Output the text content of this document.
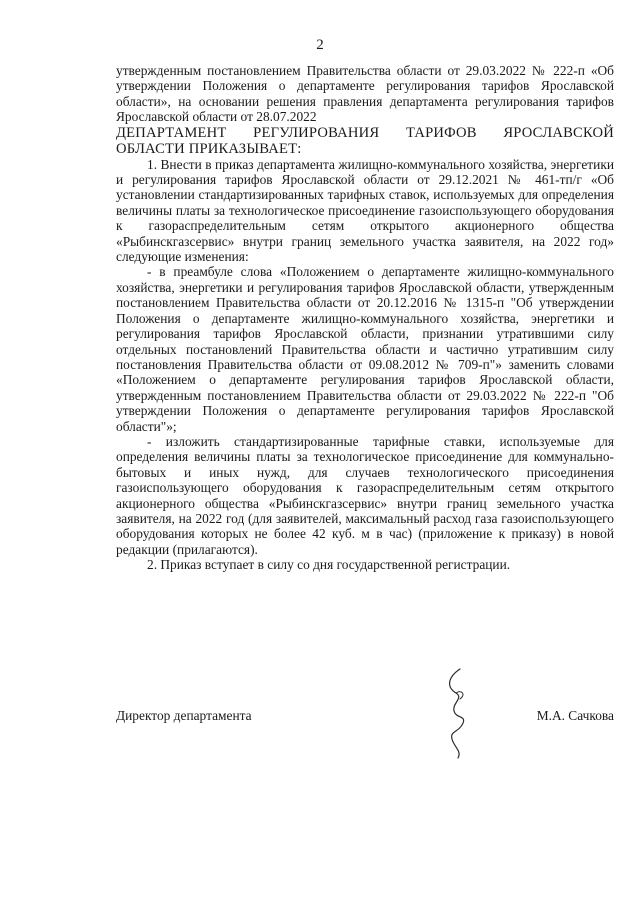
2

утвержденным постановлением Правительства области от 29.03.2022 № 222-п «Об утверждении Положения о департаменте регулирования тарифов Ярославской области», на основании решения правления департамента регулирования тарифов Ярославской области от 28.07.2022

ДЕПАРТАМЕНТ РЕГУЛИРОВАНИЯ ТАРИФОВ ЯРОСЛАВСКОЙ ОБЛАСТИ ПРИКАЗЫВАЕТ:

1. Внести в приказ департамента жилищно-коммунального хозяйства, энергетики и регулирования тарифов Ярославской области от 29.12.2021 № 461-тп/г «Об установлении стандартизированных тарифных ставок, используемых для определения величины платы за технологическое присоединение газоиспользующего оборудования к газораспределительным сетям открытого акционерного общества «Рыбинскгазсервис» внутри границ земельного участка заявителя, на 2022 год» следующие изменения:

- в преамбуле слова «Положением о департаменте жилищно-коммунального хозяйства, энергетики и регулирования тарифов Ярославской области, утвержденным постановлением Правительства области от 20.12.2016 № 1315-п "Об утверждении Положения о департаменте жилищно-коммунального хозяйства, энергетики и регулирования тарифов Ярославской области, признании утратившими силу отдельных постановлений Правительства области и частично утратившим силу постановления Правительства области от 09.08.2012 № 709-п"» заменить словами «Положением о департаменте регулирования тарифов Ярославской области, утвержденным постановлением Правительства области от 29.03.2022 № 222-п "Об утверждении Положения о департаменте регулирования тарифов Ярославской области"»;

- изложить стандартизированные тарифные ставки, используемые для определения величины платы за технологическое присоединение для коммунально-бытовых и иных нужд, для случаев технологического присоединения газоиспользующего оборудования к газораспределительным сетям открытого акционерного общества «Рыбинскгазсервис» внутри границ земельного участка заявителя, на 2022 год (для заявителей, максимальный расход газа газоиспользующего оборудования которых не более 42 куб. м в час) (приложение к приказу) в новой редакции (прилагаются).

2. Приказ вступает в силу со дня государственной регистрации.

Директор департамента	М.А. Сачкова
